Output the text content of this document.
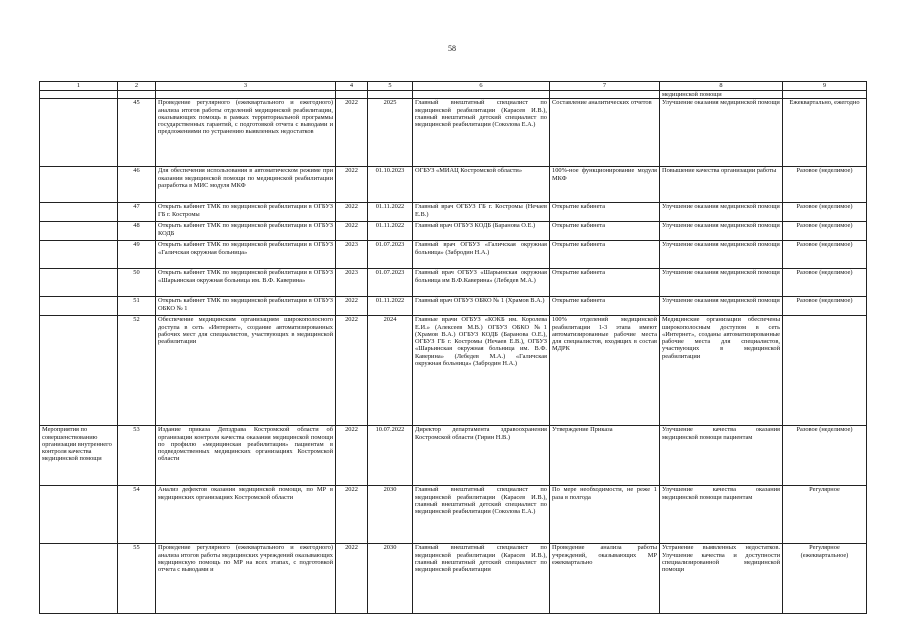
58
1	2	3	4	5	6	7	8	9
							медицинской помощи	
	45	Проведение регулярного (ежеквартального и ежегодного) анализа итогов работы отделений медицинской реабилитации, оказывающих помощь в рамках территориальной программы государственных гарантий, с подготовкой отчета с выводами и предложениями по устранению выявленных недостатков	2022	2025	Главный внештатный специалист по медицинской реабилитации (Карасев И.В.), главный внештатный детский специалист по медицинской реабилитации (Соколова Е.А.)	Составление аналитических отчетов	Улучшение оказания медицинской помощи	Ежеквартально, ежегодно
	46	Для обеспечения использования в автоматическом режиме при оказании медицинской помощи по медицинской реабилитации разработка в МИС модуля МКФ	2022	01.10.2023	ОГБУЗ «МИАЦ Костромской области»	100%-ное функционирование модуля МКФ	Повышение качества организации работы	Разовое (неделимое)
	47	Открыть кабинет ТМК по медицинской реабилитации в ОГБУЗ ГБ г. Костромы	2022	01.11.2022	Главный врач ОГБУЗ ГБ г. Костромы (Нечаев Е.В.)	Открытие кабинета	Улучшение оказания медицинской помощи	Разовое (неделимое)
	48	Открыть кабинет ТМК по медицинской реабилитации в ОГБУЗ КОДБ	2022	01.11.2022	Главный врач ОГБУЗ КОДБ (Баранова О.Е.)	Открытие кабинета	Улучшение оказания медицинской помощи	Разовое (неделимое)
	49	Открыть кабинет ТМК по медицинской реабилитации в ОГБУЗ «Галичская окружная больница»	2023	01.07.2023	Главный врач ОГБУЗ «Галичская окружная больница» (Забродин Н.А.)	Открытие кабинета	Улучшение оказания медицинской помощи	Разовое (неделимое)
	50	Открыть кабинет ТМК по медицинской реабилитации в ОГБУЗ «Шарьинская окружная больница им. В.Ф. Каверина»	2023	01.07.2023	Главный врач ОГБУЗ «Шарьинская окружная больница им В.Ф.Каверина» (Лебедев М.А.)	Открытие кабинета	Улучшение оказания медицинской помощи	Разовое (неделимое)
	51	Открыть кабинет ТМК по медицинской реабилитации в ОГБУЗ ОБКО № 1	2022	01.11.2022	Главный врач ОГБУЗ ОБКО № 1 (Храмов В.А.)	Открытие кабинета	Улучшение оказания медицинской помощи	Разовое (неделимое)
	52	Обеспечение медицинским организациям широкополосного доступа в сеть «Интернет», создание автоматизированных рабочих мест для специалистов, участвующих в медицинской реабилитации	2022	2024	Главные врачи ОГБУЗ «КОКБ им. Королева Е.И.» (Алексеев М.В.) ОГБУЗ ОБКО №1 (Храмов В.А.) ОГБУЗ КОДБ (Баранова О.Е.), ОГБУЗ ГБ г. Костромы (Нечаев Е.В.), ОГБУЗ «Шарьинская окружная больница им. В.Ф. Каверина» (Лебедев М.А.) «Галичская окружная больница» (Забродин Н.А.)	100% отделений медицинской реабилитации 1-3 этапа имеют автоматизированные рабочие места для специалистов, входящих в состав МДРК	Медицинские организации обеспечены широкополосным доступом в сеть «Интернет», созданы автоматизированные рабочие места для специалистов, участвующих в медицинской реабилитации	
Мероприятия по совершенствованию организации внутреннего контроля качества медицинской помощи	53	Издание приказа Депздрава Костромской области об организации контроля качества оказания медицинской помощи по профилю «медицинская реабилитация» пациентам в подведомственных медицинских организациях Костромской области	2022	10.07.2022	Директор департамента здравоохранения Костромской области (Гирин Н.В.)	Утверждение Приказа	Улучшение качества оказания медицинской помощи пациентам	Разовое (неделимое)
	54	Анализ дефектов оказания медицинской помощи, по МР в медицинских организациях Костромской области	2022	2030	Главный внештатный специалист по медицинской реабилитации (Карасев И.В.), главный внештатный детский специалист по медицинской реабилитации (Соколова Е.А.)	По мере необходимости, не реже 1 раза в полгода	Улучшение качества оказания медицинской помощи пациентам	Регулярное
	55	Проведение регулярного (ежеквартального и ежегодного) анализа итогов работы медицинских учреждений оказывающих медицинскую помощь по МР на всех этапах, с подготовкой отчета с выводами и	2022	2030	Главный внештатный специалист по медицинской реабилитации (Карасев И.В.), главный внештатный детский специалист по медицинской реабилитации	Проведение анализа работы учреждений, оказывающих МР ежеквартально	Устранение выявленных недостатков. Улучшение качества и доступности специализированной медицинской помощи	Регулярное (ежеквартальное)
